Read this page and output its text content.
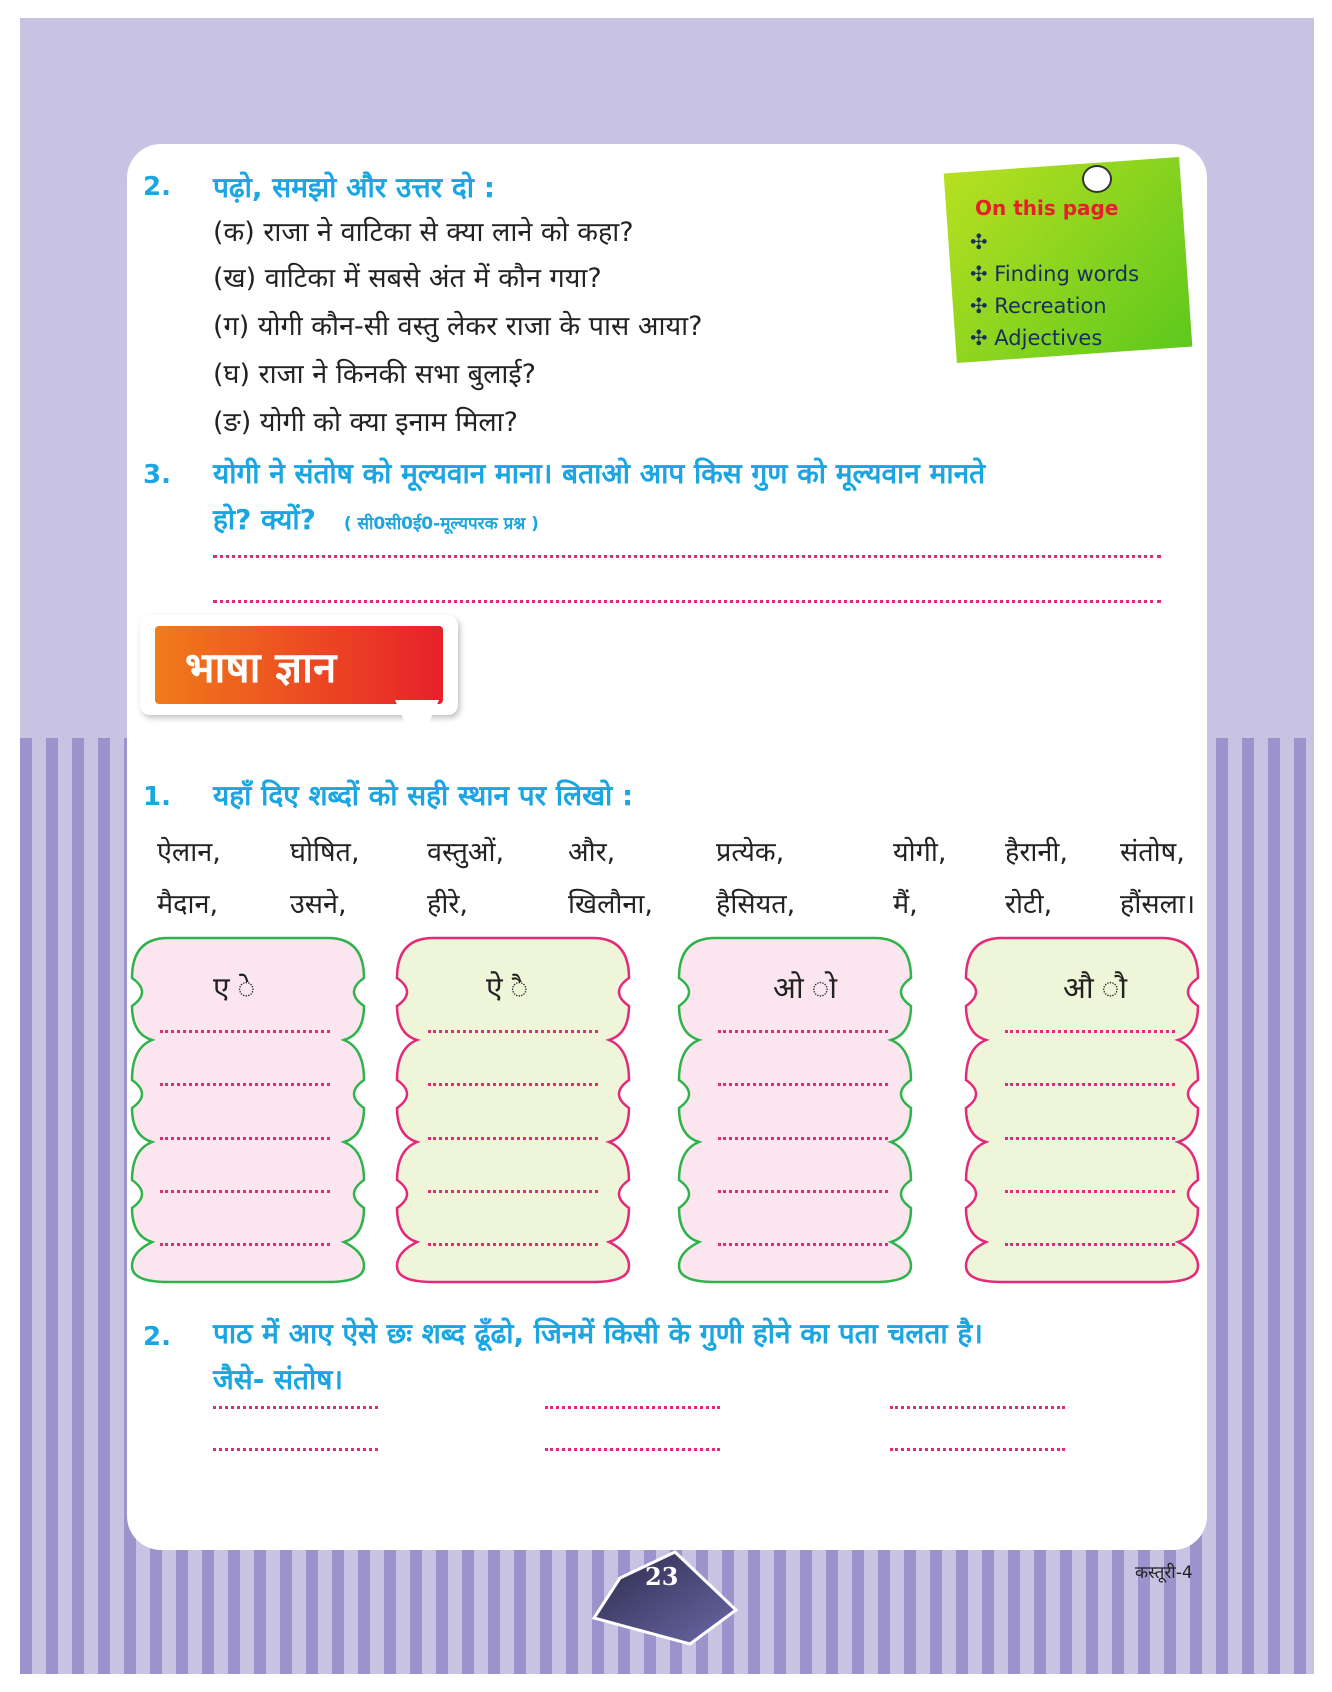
2. पढ़ो, समझो और उत्तर दो :
(क) राजा ने वाटिका से क्या लाने को कहा?
(ख) वाटिका में सबसे अंत में कौन गया?
(ग) योगी कौन-सी वस्तु लेकर राजा के पास आया?
(घ) राजा ने किनकी सभा बुलाई?
(ङ) योगी को क्या इनाम मिला?
On this page
✣
✣ Finding words
✣ Recreation
✣ Adjectives
3. योगी ने संतोष को मूल्यवान माना। बताओ आप किस गुण को मूल्यवान मानते
हो? क्यों? ( सी0सी0ई0-मूल्यपरक प्रश्न )
भाषा ज्ञान
1. यहाँ दिए शब्दों को सही स्थान पर लिखो :
ऐलान,	घोषित, वस्तुओं, और,	प्रत्येक,	योगी, हैरानी, संतोष,
मैदान,	उसने,	हीरे,	खिलौना, हैसियत,	मैं,	रोटी,	हौंसला।
ए े	ऐ ै	ओ ो	औ ौ
2. पाठ में आए ऐसे छः शब्द ढूँढो, जिनमें किसी के गुणी होने का पता चलता है।
जैसे- संतोष।
23	कस्तूरी-4
